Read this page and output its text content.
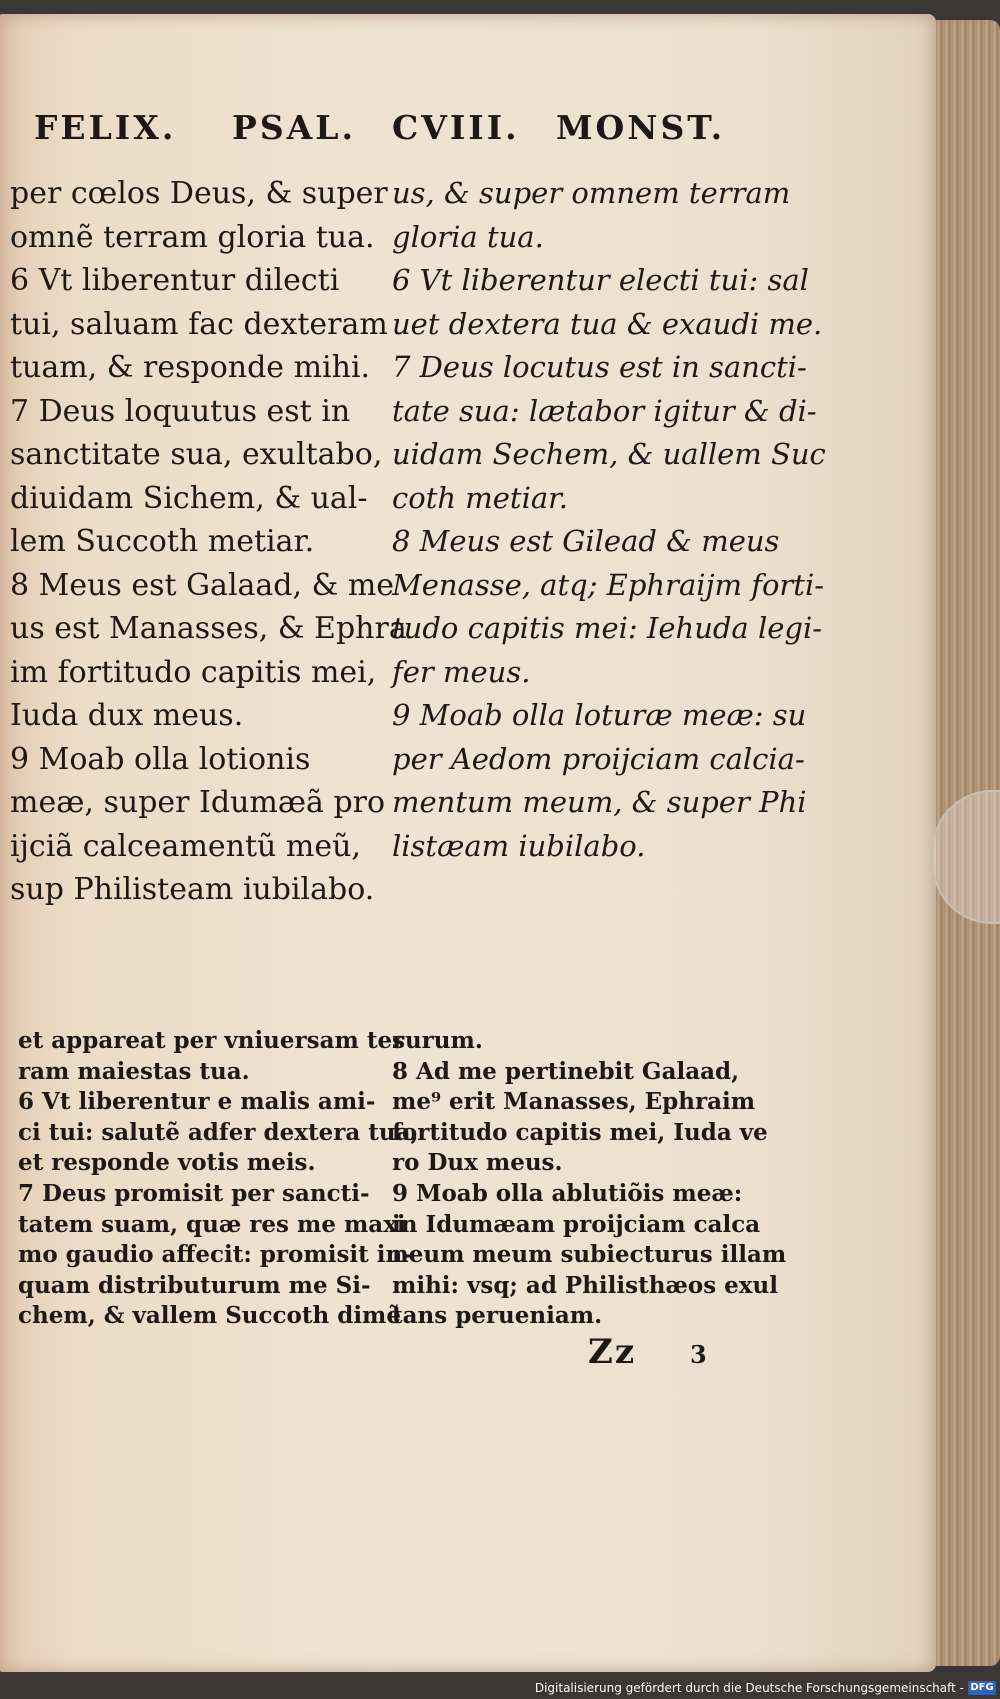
FELIX. PSAL. CVIII. MONST.
per cœlos Deus, & super
omnẽ terram gloria tua.
6 Vt liberentur dilecti
tui, saluam fac dexteram
tuam, & responde mihi.
7 Deus loquutus est in
sanctitate sua, exultabo,
diuidam Sichem, & ual-
lem Succoth metiar.
8 Meus est Galaad, & me
us est Manasses, & Ephra
im fortitudo capitis mei,
Iuda dux meus.
9 Moab olla lotionis
meæ, super Idumæã pro
ijciã calceamentũ meũ,
sup Philisteam iubilabo.
us, & super omnem terram
gloria tua.
6 Vt liberentur electi tui: sal
uet dextera tua & exaudi me.
7 Deus locutus est in sancti-
tate sua: lætabor igitur & di-
uidam Sechem, & uallem Suc
coth metiar.
8 Meus est Gilead & meus
Menasse, atq; Ephraijm forti-
tudo capitis mei: Iehuda legi-
fer meus.
9 Moab olla loturæ meæ: su
per Aedom proijciam calcia-
mentum meum, & super Phi
listæam iubilabo.
et appareat per vniuersam ter
ram maiestas tua.
6 Vt liberentur e malis ami-
ci tui: salutẽ adfer dextera tua,
et responde votis meis.
7 Deus promisit per sancti-
tatem suam, quæ res me maxi
mo gaudio affecit: promisit in-
quam distributurum me Si-
chem, & vallem Succoth dimẽ
surum.
8 Ad me pertinebit Galaad,
me⁹ erit Manasses, Ephraim
fortitudo capitis mei, Iuda ve
ro Dux meus.
9 Moab olla ablutiõis meæ:
in Idumæam proijciam calca
neum meum subiecturus illam
mihi: vsq; ad Philisthæos exul
tans perueniam.
Zz 3
Digitalisierung gefördert durch die Deutsche Forschungsgemeinschaft - DFG
